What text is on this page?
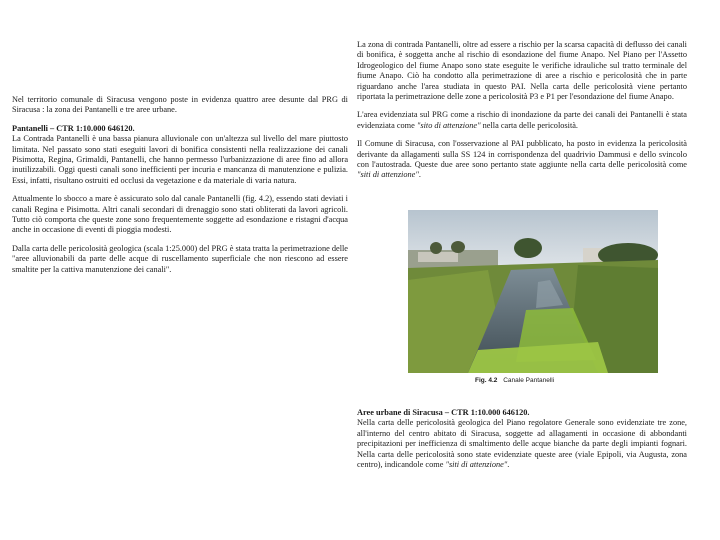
Nel territorio comunale di Siracusa vengono poste in evidenza quattro aree desunte dal PRG di Siracusa : la zona dei Pantanelli e tre aree urbane.

Pantanelli – CTR 1:10.000 646120.
La Contrada Pantanelli è una bassa pianura alluvionale con un'altezza sul livello del mare piuttosto limitata. Nel passato sono stati eseguiti lavori di bonifica consistenti nella realizzazione dei canali Pisimotta, Regina, Grimaldi, Pantanelli, che hanno permesso l'urbanizzazione di aree fino ad allora inutilizzabili. Oggi questi canali sono inefficienti per incuria e mancanza di manutenzione e pulizia. Essi, infatti, risultano ostruiti ed occlusi da vegetazione e da materiale di varia natura.

Attualmente lo sbocco a mare è assicurato solo dal canale Pantanelli (fig. 4.2), essendo stati deviati i canali Regina e Pisimotta. Altri canali secondari di drenaggio sono stati obliterati da lavori agricoli. Tutto ciò comporta che queste zone sono frequentemente soggette ad esondazione e ristagni d'acqua anche in occasione di eventi di pioggia modesti.

Dalla carta delle pericolosità geologica (scala 1:25.000) del PRG è stata tratta la perimetrazione delle "aree alluvionabili da parte delle acque di ruscellamento superficiale che non riescono ad essere smaltite per la cattiva manutenzione dei canali".

La zona di contrada Pantanelli, oltre ad essere a rischio per la scarsa capacità di deflusso dei canali di bonifica, è soggetta anche al rischio di esondazione del fiume Anapo. Nel Piano per l'Assetto Idrogeologico del fiume Anapo sono state eseguite le verifiche idrauliche sul tratto terminale del fiume Anapo. Ciò ha condotto alla perimetrazione di aree a rischio e pericolosità che in parte riguardano anche l'area studiata in questo PAI. Nella carta delle pericolosità viene pertanto riportata la perimetrazione delle zone a pericolosità P3 e P1 per l'esondazione del fiume Anapo.

L'area evidenziata sul PRG come a rischio di inondazione da parte dei canali dei Pantanelli è stata evidenziata come "sito di attenzione" nella carta delle pericolosità.

Il Comune di Siracusa, con l'osservazione al PAI pubblicato, ha posto in evidenza la pericolosità derivante da allagamenti sulla SS 124 in corrispondenza del quadrivio Dammusi e dello svincolo con l'autostrada. Queste due aree sono pertanto state aggiunte nella carta delle pericolosità come "siti di attenzione".

Fig. 4.2 Canale Pantanelli

Aree urbane di Siracusa – CTR 1:10.000 646120.
Nella carta delle pericolosità geologica del Piano regolatore Generale sono evidenziate tre zone, all'interno del centro abitato di Siracusa, soggette ad allagamenti in occasione di abbondanti precipitazioni per inefficienza di smaltimento delle acque bianche da parte degli impianti fognari. Nella carta delle pericolosità sono state evidenziate queste aree (viale Epipoli, via Augusta, zona centro), indicandole come "siti di attenzione".
